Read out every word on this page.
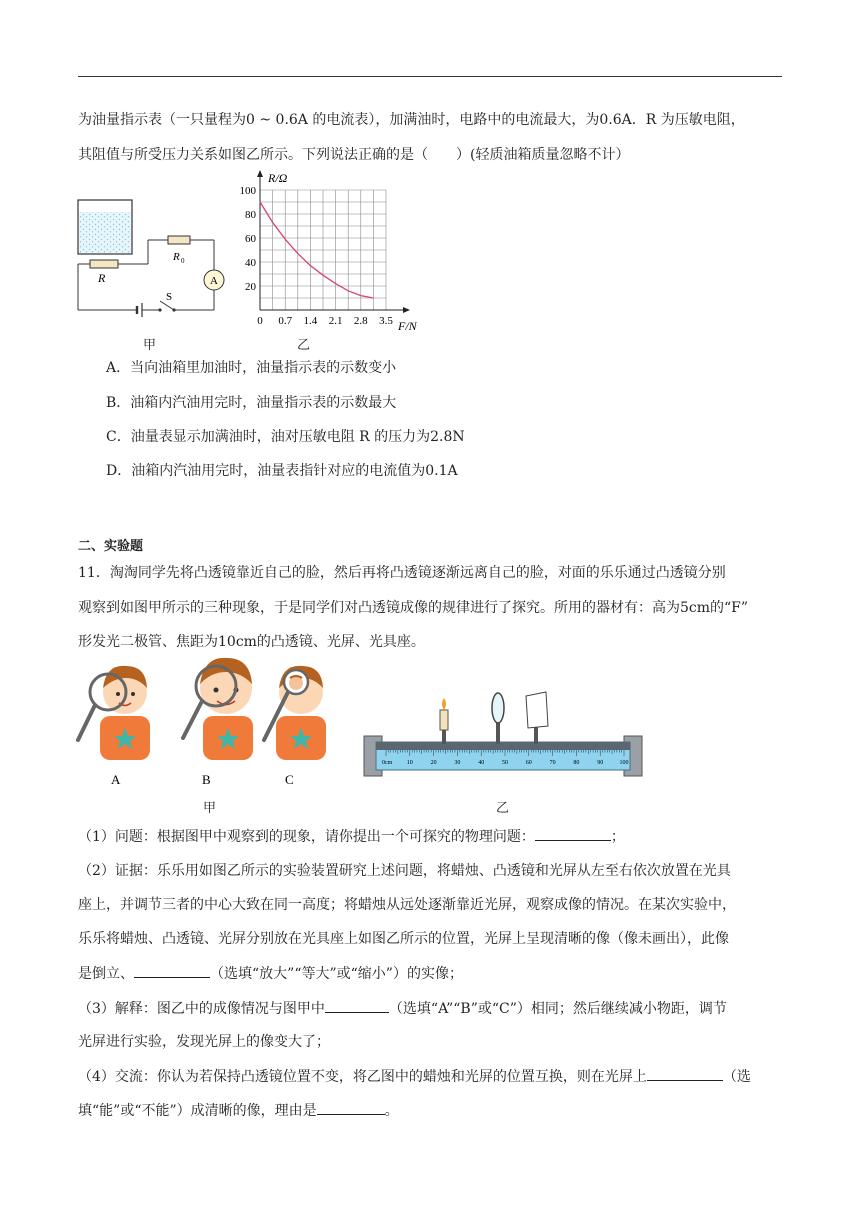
为油量指示表（一只量程为0 ~ 0.6A 的电流表），加满油时，电路中的电流最大，为0.6A．R 为压敏电阻，
其阻值与所受压力关系如图乙所示。下列说法正确的是（　　）(轻质油箱质量忽略不计）
R
R 0
S
A
甲
0 0.7 1.4 2.1 2.8 3.5
20
40
60
80
100
R/Ω
F/N
乙
A．当向油箱里加油时，油量指示表的示数变小
B．油箱内汽油用完时，油量指示表的示数最大
C．油量表显示加满油时，油对压敏电阻 R 的压力为2.8N
D．油箱内汽油用完时，油量表指针对应的电流值为0.1A
二、实验题
11．淘淘同学先将凸透镜靠近自己的脸，然后再将凸透镜逐渐远离自己的脸，对面的乐乐通过凸透镜分别
观察到如图甲所示的三种现象，于是同学们对凸透镜成像的规律进行了探究。所用的器材有：高为5cm的“F”
形发光二极管、焦距为10cm的凸透镜、光屏、光具座。
A	B	C
甲
10	20	30	40	50	60	70	80	90	100
0cm
乙
（1）问题：根据图甲中观察到的现象，请你提出一个可探究的物理问题：	；
（2）证据：乐乐用如图乙所示的实验装置研究上述问题，将蜡烛、凸透镜和光屏从左至右依次放置在光具
座上，并调节三者的中心大致在同一高度；将蜡烛从远处逐渐靠近光屏，观察成像的情况。在某次实验中，
乐乐将蜡烛、凸透镜、光屏分别放在光具座上如图乙所示的位置，光屏上呈现清晰的像（像未画出），此像
是倒立、	（选填“放大”“等大”或“缩小”）的实像；
（3）解释：图乙中的成像情况与图甲中	（选填“A”“B”或“C”）相同；然后继续减小物距，调节
光屏进行实验，发现光屏上的像变大了；
（4）交流：你认为若保持凸透镜位置不变，将乙图中的蜡烛和光屏的位置互换，则在光屏上	（选
填“能”或“不能”）成清晰的像，理由是	。
